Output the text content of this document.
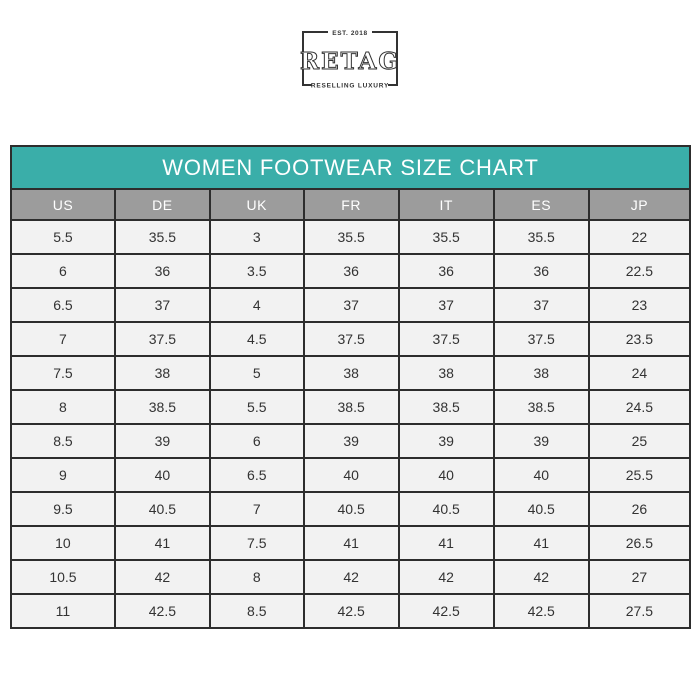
EST. 2018
RETAG
RESELLING LUXURY
WOMEN FOOTWEAR SIZE CHART						
US	DE	UK	FR	IT	ES	JP
5.5	35.5	3	35.5	35.5	35.5	22
6	36	3.5	36	36	36	22.5
6.5	37	4	37	37	37	23
7	37.5	4.5	37.5	37.5	37.5	23.5
7.5	38	5	38	38	38	24
8	38.5	5.5	38.5	38.5	38.5	24.5
8.5	39	6	39	39	39	25
9	40	6.5	40	40	40	25.5
9.5	40.5	7	40.5	40.5	40.5	26
10	41	7.5	41	41	41	26.5
10.5	42	8	42	42	42	27
11	42.5	8.5	42.5	42.5	42.5	27.5
